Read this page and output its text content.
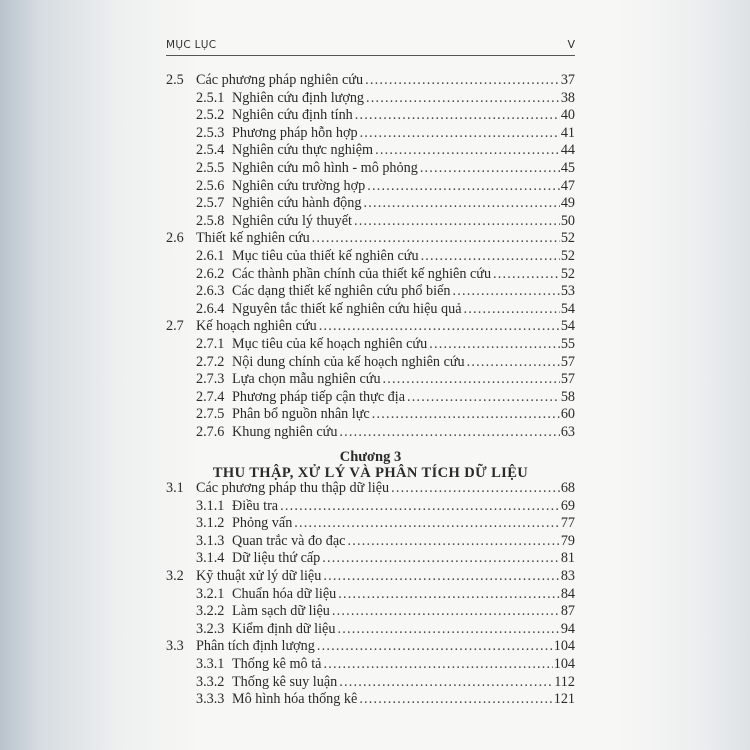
MỤC LỤC	V
2.5 Các phương pháp nghiên cứu .....	37
2.5.1 Nghiên cứu định lượng .....	38
2.5.2 Nghiên cứu định tính .....	40
2.5.3 Phương pháp hỗn hợp .....	41
2.5.4 Nghiên cứu thực nghiệm .....	44
2.5.5 Nghiên cứu mô hình - mô phỏng .....	45
2.5.6 Nghiên cứu trường hợp .....	47
2.5.7 Nghiên cứu hành động .....	49
2.5.8 Nghiên cứu lý thuyết .....	50
2.6 Thiết kế nghiên cứu .....	52
2.6.1 Mục tiêu của thiết kế nghiên cứu .....	52
2.6.2 Các thành phần chính của thiết kế nghiên cứu .....	52
2.6.3 Các dạng thiết kế nghiên cứu phổ biến .....	53
2.6.4 Nguyên tắc thiết kế nghiên cứu hiệu quả .....	54
2.7 Kế hoạch nghiên cứu .....	54
2.7.1 Mục tiêu của kế hoạch nghiên cứu .....	55
2.7.2 Nội dung chính của kế hoạch nghiên cứu .....	57
2.7.3 Lựa chọn mẫu nghiên cứu .....	57
2.7.4 Phương pháp tiếp cận thực địa .....	58
2.7.5 Phân bổ nguồn nhân lực .....	60
2.7.6 Khung nghiên cứu .....	63
Chương 3
THU THẬP, XỬ LÝ VÀ PHÂN TÍCH DỮ LIỆU
3.1 Các phương pháp thu thập dữ liệu .....	68
3.1.1 Điều tra .....	69
3.1.2 Phỏng vấn .....	77
3.1.3 Quan trắc và đo đạc .....	79
3.1.4 Dữ liệu thứ cấp .....	81
3.2 Kỹ thuật xử lý dữ liệu .....	83
3.2.1 Chuẩn hóa dữ liệu .....	84
3.2.2 Làm sạch dữ liệu .....	87
3.2.3 Kiểm định dữ liệu .....	94
3.3 Phân tích định lượng .....	104
3.3.1 Thống kê mô tả .....	104
3.3.2 Thống kê suy luận .....	112
3.3.3 Mô hình hóa thống kê .....	121
